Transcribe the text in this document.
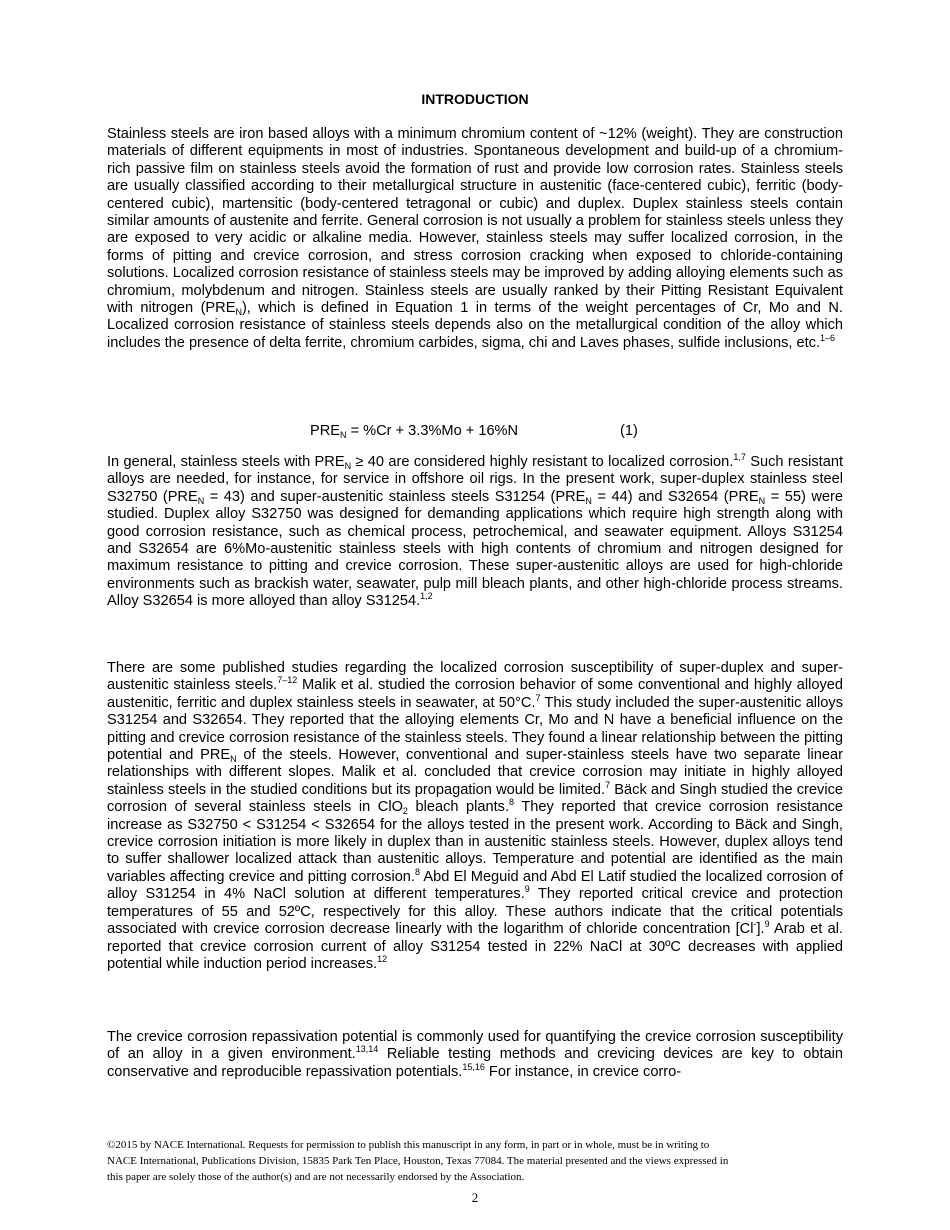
INTRODUCTION

Stainless steels are iron based alloys with a minimum chromium content of ~12% (weight). They are construction materials of different equipments in most of industries. Spontaneous development and build-up of a chromium-rich passive film on stainless steels avoid the formation of rust and provide low corrosion rates. Stainless steels are usually classified according to their metallurgical structure in austenitic (face-centered cubic), ferritic (body-centered cubic), martensitic (body-centered tetragonal or cubic) and duplex. Duplex stainless steels contain similar amounts of austenite and ferrite. General corrosion is not usually a problem for stainless steels unless they are exposed to very acidic or alkaline media. However, stainless steels may suffer localized corrosion, in the forms of pitting and crevice corrosion, and stress corrosion cracking when exposed to chloride-containing solutions. Localized corrosion resistance of stainless steels may be improved by adding alloying elements such as chromium, molybdenum and nitrogen. Stainless steels are usually ranked by their Pitting Resistant Equivalent with nitrogen $(PRE_N)$, which is defined in Equation 1 in terms of the weight percentages of Cr, Mo and N. Localized corrosion resistance of stainless steels depends also on the metallurgical condition of the alloy which includes the presence of delta ferrite, chromium carbides, sigma, chi and Laves phases, sulfide inclusions, etc.$^{1-6}$

$PRE_N = \%Cr + 3.3\%Mo + 16\%N$	(1)

In general, stainless steels with $PRE_N \ge 40$ are considered highly resistant to localized corrosion.$^{1,7}$ Such resistant alloys are needed, for instance, for service in offshore oil rigs. In the present work, super-duplex stainless steel S32750 $(PRE_N = 43)$ and super-austenitic stainless steels S31254 $(PRE_N = 44)$ and S32654 $(PRE_N = 55)$ were studied. Duplex alloy S32750 was designed for demanding applications which require high strength along with good corrosion resistance, such as chemical process, petrochemical, and seawater equipment. Alloys S31254 and S32654 are 6%Mo-austenitic stainless steels with high contents of chromium and nitrogen designed for maximum resistance to pitting and crevice corrosion. These super-austenitic alloys are used for high-chloride environments such as brackish water, seawater, pulp mill bleach plants, and other high-chloride process streams. Alloy S32654 is more alloyed than alloy S31254.$^{1,2}$

There are some published studies regarding the localized corrosion susceptibility of super-duplex and super-austenitic stainless steels.$^{7-12}$ Malik et al. studied the corrosion behavior of some conventional and highly alloyed austenitic, ferritic and duplex stainless steels in seawater, at 50°C.$^7$ This study included the super-austenitic alloys S31254 and S32654. They reported that the alloying elements Cr, Mo and N have a beneficial influence on the pitting and crevice corrosion resistance of the stainless steels. They found a linear relationship between the pitting potential and $PRE_N$ of the steels. However, conventional and super-stainless steels have two separate linear relationships with different slopes. Malik et al. concluded that crevice corrosion may initiate in highly alloyed stainless steels in the studied conditions but its propagation would be limited.$^7$ Bäck and Singh studied the crevice corrosion of several stainless steels in ClO$_2$ bleach plants.$^8$ They reported that crevice corrosion resistance increase as S32750 < S31254 < S32654 for the alloys tested in the present work. According to Bäck and Singh, crevice corrosion initiation is more likely in duplex than in austenitic stainless steels. However, duplex alloys tend to suffer shallower localized attack than austenitic alloys. Temperature and potential are identified as the main variables affecting crevice and pitting corrosion.$^8$ Abd El Meguid and Abd El Latif studied the localized corrosion of alloy S31254 in 4% NaCl solution at different temperatures.$^9$ They reported critical crevice and protection temperatures of 55 and 52ºC, respectively for this alloy. These authors indicate that the critical potentials associated with crevice corrosion decrease linearly with the logarithm of chloride concentration [Cl-].$^9$ Arab et al. reported that crevice corrosion current of alloy S31254 tested in 22% NaCl at 30ºC decreases with applied potential while induction period increases.$^{12}$

The crevice corrosion repassivation potential is commonly used for quantifying the crevice corrosion susceptibility of an alloy in a given environment.$^{13,14}$ Reliable testing methods and crevicing devices are key to obtain conservative and reproducible repassivation potentials.$^{15,16}$ For instance, in crevice corro-

©2015 by NACE International. Requests for permission to publish this manuscript in any form, in part or in whole, must be in writing to
NACE International, Publications Division, 15835 Park Ten Place, Houston, Texas 77084. The material presented and the views expressed in
this paper are solely those of the author(s) and are not necessarily endorsed by the Association.
2
